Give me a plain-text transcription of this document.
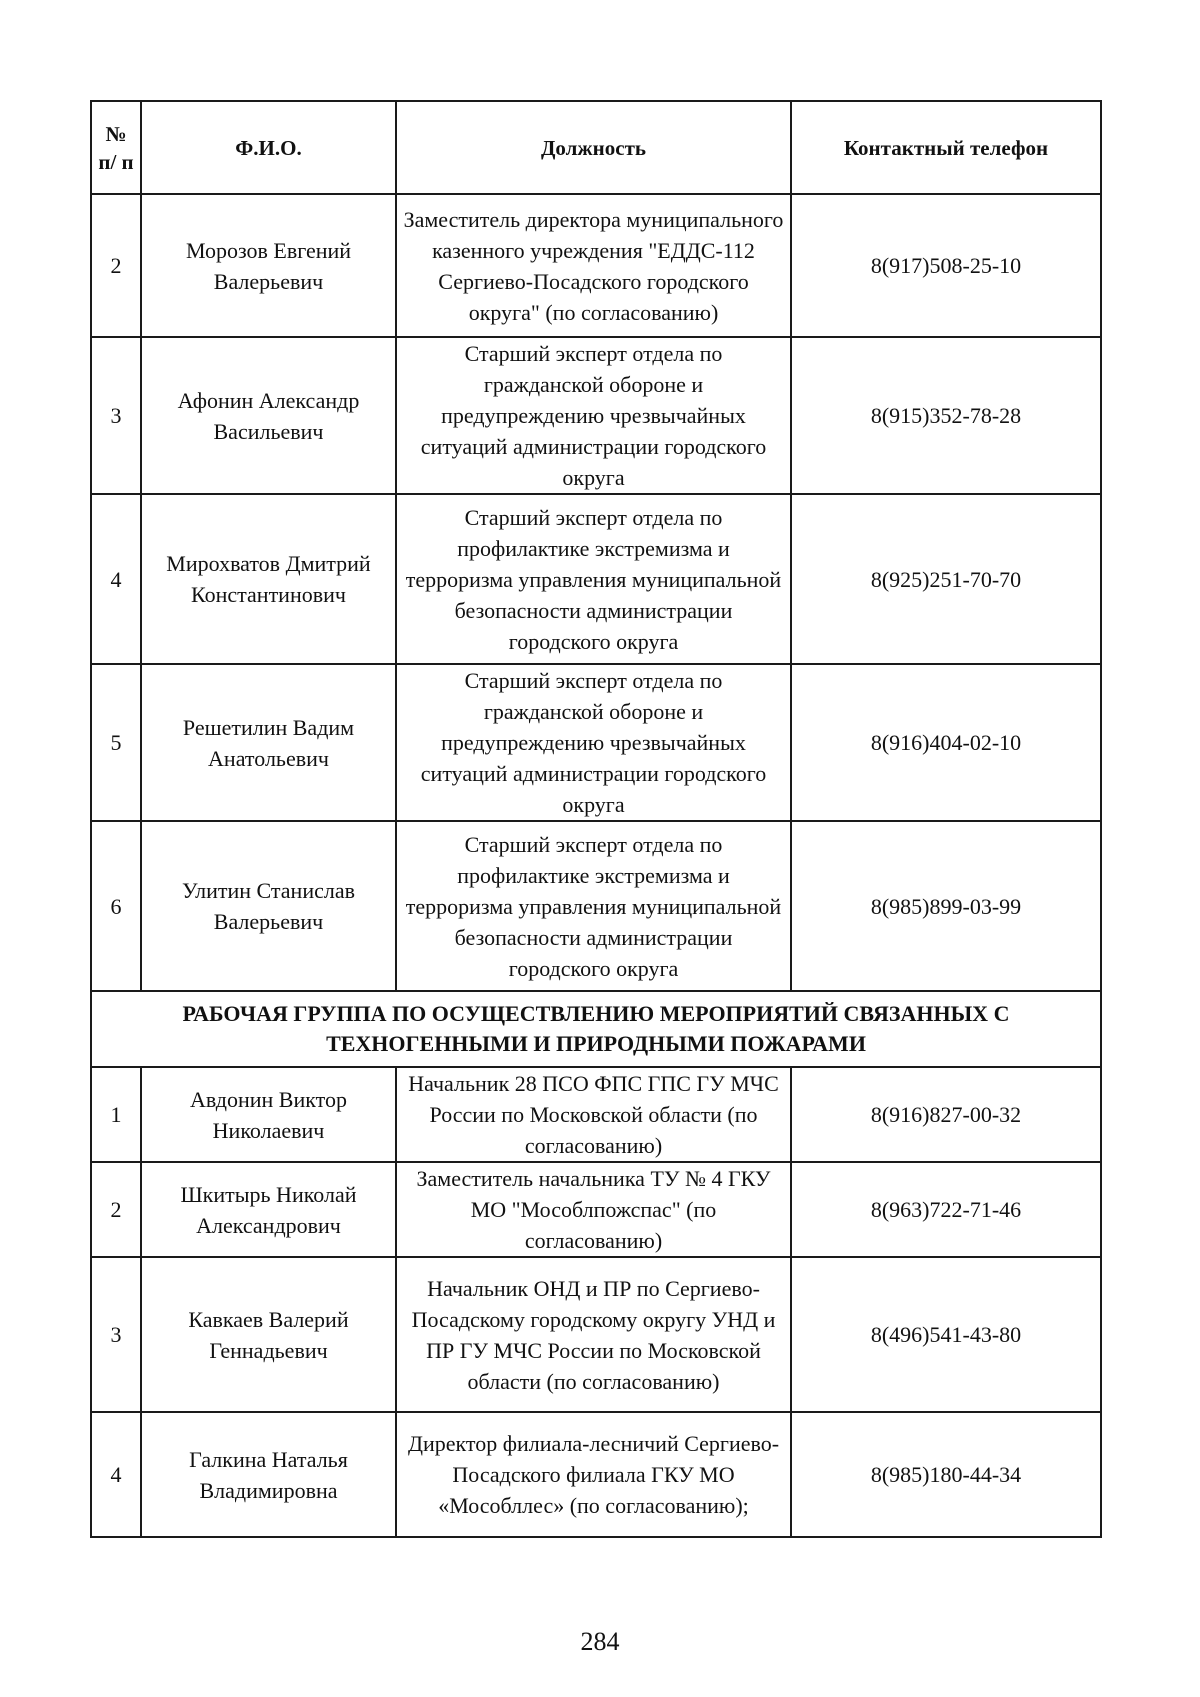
№ п/ п	Ф.И.О.	Должность	Контактный телефон
2	Морозов Евгений Валерьевич	Заместитель директора муниципального казенного учреждения "ЕДДС-112 Сергиево-Посадского городского округа" (по согласованию)	8(917)508-25-10
3	Афонин Александр Васильевич	Старший эксперт отдела по гражданской обороне и предупреждению чрезвычайных ситуаций администрации городского округа	8(915)352-78-28
4	Мирохватов Дмитрий Константинович	Старший эксперт отдела по профилактике экстремизма и терроризма управления муниципальной безопасности администрации городского округа	8(925)251-70-70
5	Решетилин Вадим Анатольевич	Старший эксперт отдела по гражданской обороне и предупреждению чрезвычайных ситуаций администрации городского округа	8(916)404-02-10
6	Улитин Станислав Валерьевич	Старший эксперт отдела по профилактике экстремизма и терроризма управления муниципальной безопасности администрации городского округа	8(985)899-03-99
РАБОЧАЯ ГРУППА ПО ОСУЩЕСТВЛЕНИЮ МЕРОПРИЯТИЙ СВЯЗАННЫХ С ТЕХНОГЕННЫМИ И ПРИРОДНЫМИ ПОЖАРАМИ			
1	Авдонин Виктор Николаевич	Начальник 28 ПСО ФПС ГПС ГУ МЧС России по Московской области (по согласованию)	8(916)827-00-32
2	Шкитырь Николай Александрович	Заместитель начальника ТУ № 4 ГКУ МО "Мособлпожспас" (по согласованию)	8(963)722-71-46
3	Кавкаев Валерий Геннадьевич	Начальник ОНД и ПР по Сергиево-Посадскому городскому округу УНД и ПР ГУ МЧС России по Московской области (по согласованию)	8(496)541-43-80
4	Галкина Наталья Владимировна	Директор филиала-лесничий Сергиево-Посадского филиала ГКУ МО «Мособллес» (по согласованию);	8(985)180-44-34
284
